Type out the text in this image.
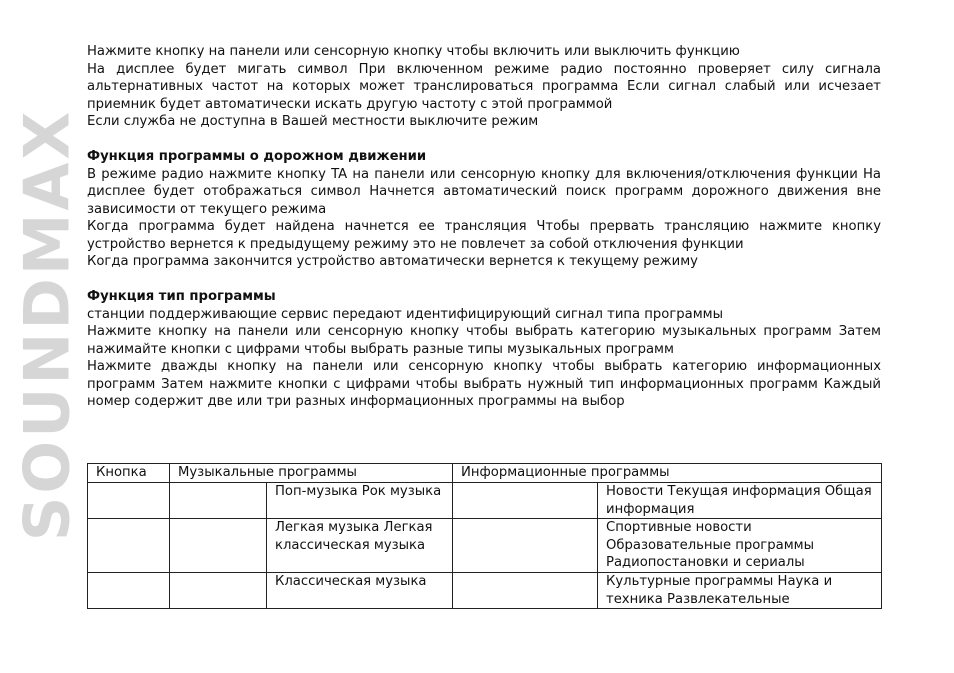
SOUNDMAX

Нажмите кнопку на панели или сенсорную кнопку чтобы включить или выключить функцию

На дисплее будет мигать символ При включенном режиме радио постоянно проверяет силу сигнала альтернативных частот на которых может транслироваться программа Если сигнал слабый или исчезает приемник будет автоматически искать другую частоту с этой программой

Если служба не доступна в Вашей местности выключите режим

Функция программы о дорожном движении

В режиме радио нажмите кнопку TA на панели или сенсорную кнопку для включения/отключения функции На дисплее будет отображаться символ Начнется автоматический поиск программ дорожного движения вне зависимости от текущего режима

Когда программа будет найдена начнется ее трансляция Чтобы прервать трансляцию нажмите кнопку устройство вернется к предыдущему режиму это не повлечет за собой отключения функции

Когда программа закончится устройство автоматически вернется к текущему режиму

Функция тип программы

станции поддерживающие сервис передают идентифицирующий сигнал типа программы

Нажмите кнопку на панели или сенсорную кнопку чтобы выбрать категорию музыкальных программ Затем нажимайте кнопки с цифрами чтобы выбрать разные типы музыкальных программ

Нажмите дважды кнопку на панели или сенсорную кнопку чтобы выбрать категорию информационных программ Затем нажмите кнопки с цифрами чтобы выбрать нужный тип информационных программ Каждый номер содержит две или три разных информационных программы на выбор

Кнопка	Музыкальные программы		Информационные программы	
		Поп-музыка Рок музыка		Новости Текущая информация Общая информация
		Легкая музыка Легкая классическая музыка		Спортивные новости Образовательные программы Радиопостановки и сериалы
		Классическая музыка		Культурные программы Наука и техника Развлекательные
